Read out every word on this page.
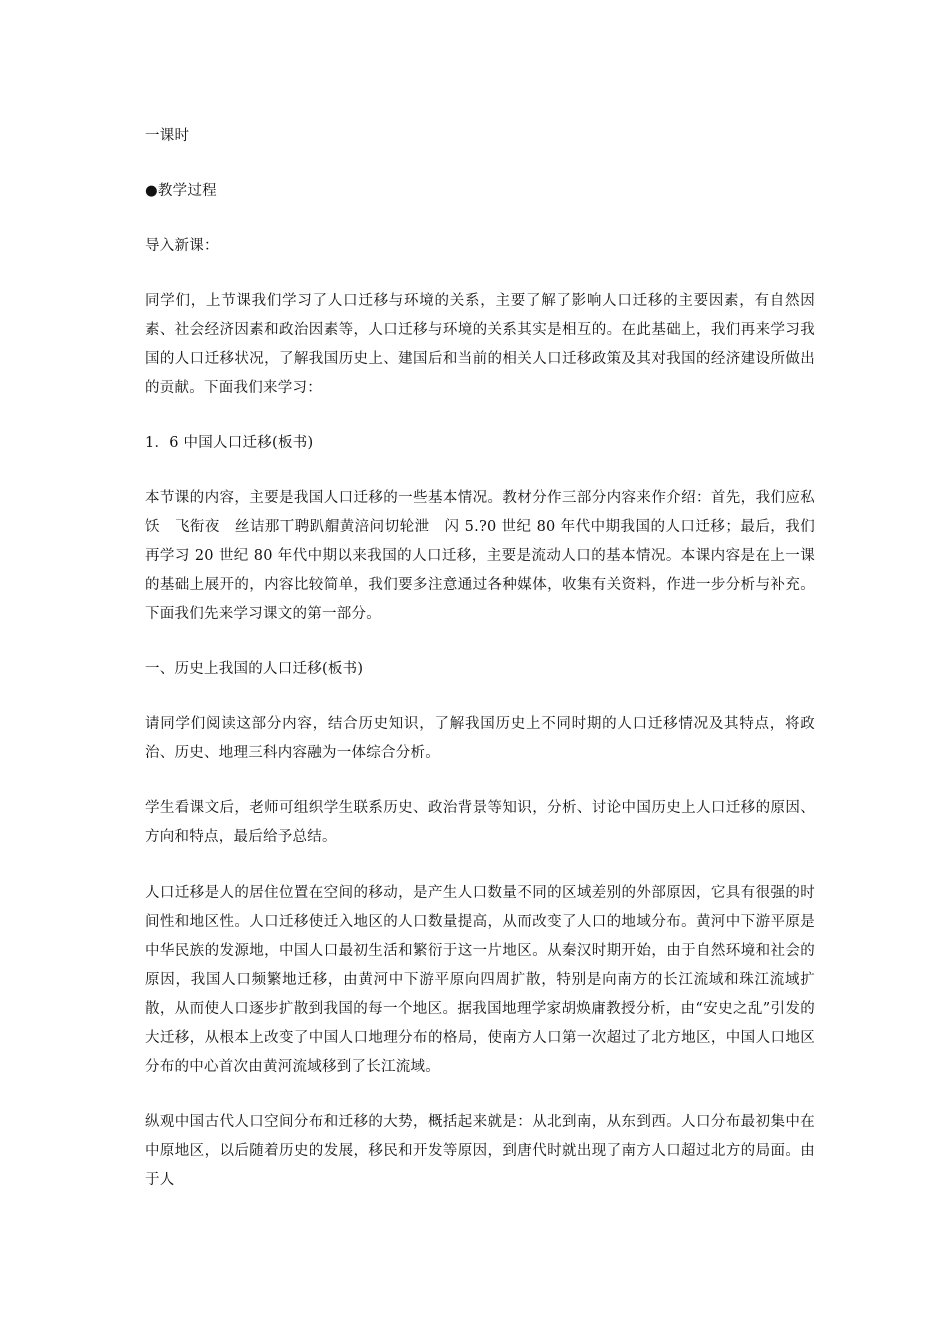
一课时

●教学过程

导入新课：

同学们，上节课我们学习了人口迁移与环境的关系，主要了解了影响人口迁移的主要因素，有自然因素、社会经济因素和政治因素等，人口迁移与环境的关系其实是相互的。在此基础上，我们再来学习我国的人口迁移状况，了解我国历史上、建国后和当前的相关人口迁移政策及其对我国的经济建设所做出的贡献。下面我们来学习：

1．6 中国人口迁移(板书)

本节课的内容，主要是我国人口迁移的一些基本情况。教材分作三部分内容来作介绍：首先，我们应私饫　飞衔夜　丝诘那丅聘趴艒黄涪问切轮泄　闪 5.?0 世纪 80 年代中期我国的人口迁移；最后，我们再学习 20 世纪 80 年代中期以来我国的人口迁移，主要是流动人口的基本情况。本课内容是在上一课的基础上展开的，内容比较简单，我们要多注意通过各种媒体，收集有关资料，作进一步分析与补充。下面我们先来学习课文的第一部分。

一、历史上我国的人口迁移(板书)

请同学们阅读这部分内容，结合历史知识，了解我国历史上不同时期的人口迁移情况及其特点，将政治、历史、地理三科内容融为一体综合分析。

学生看课文后，老师可组织学生联系历史、政治背景等知识，分析、讨论中国历史上人口迁移的原因、方向和特点，最后给予总结。

人口迁移是人的居住位置在空间的移动，是产生人口数量不同的区域差别的外部原因，它具有很强的时间性和地区性。人口迁移使迁入地区的人口数量提高，从而改变了人口的地域分布。黄河中下游平原是中华民族的发源地，中国人口最初生活和繁衍于这一片地区。从秦汉时期开始，由于自然环境和社会的原因，我国人口频繁地迁移，由黄河中下游平原向四周扩散，特别是向南方的长江流域和珠江流域扩散，从而使人口逐步扩散到我国的每一个地区。据我国地理学家胡焕庸教授分析，由“安史之乱”引发的大迁移，从根本上改变了中国人口地理分布的格局，使南方人口第一次超过了北方地区，中国人口地区分布的中心首次由黄河流域移到了长江流域。

纵观中国古代人口空间分布和迁移的大势，概括起来就是：从北到南，从东到西。人口分布最初集中在中原地区，以后随着历史的发展，移民和开发等原因，到唐代时就出现了南方人口超过北方的局面。由于人
